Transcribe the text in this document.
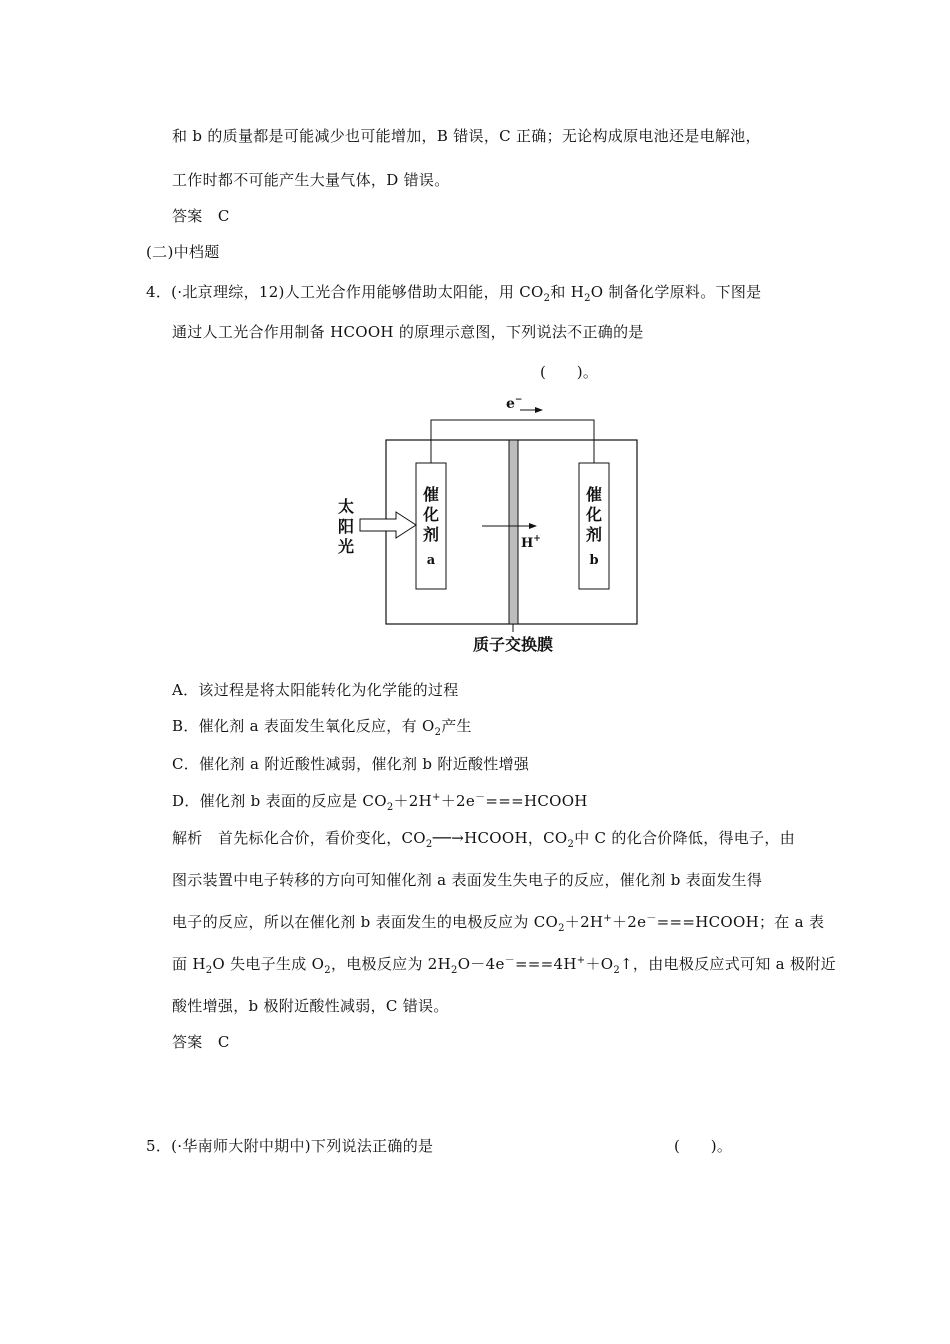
和 b 的质量都是可能减少也可能增加，B 错误，C 正确；无论构成原电池还是电解池，
工作时都不可能产生大量气体，D 错误。
答案　C
(二)中档题
4．(·北京理综，12)人工光合作用能够借助太阳能，用 $CO_2$和 $H_2O$ 制备化学原料。下图是
通过人工光合作用制备 HCOOH 的原理示意图，下列说法不正确的是
(　　)。
e−
催
化
剂
a
催
化
剂
b
太
阳
光	H+
质子交换膜
A．该过程是将太阳能转化为化学能的过程
B．催化剂 a 表面发生氧化反应，有 $O_2$产生
C．催化剂 a 附近酸性减弱，催化剂 b 附近酸性增强
D．催化剂 b 表面的反应是 $CO_2+2H^++2e^-===HCOOH$
解析　首先标化合价，看价变化，$CO_2──\to HCOOH$，$CO_2$中 C 的化合价降低，得电子，由
图示装置中电子转移的方向可知催化剂 a 表面发生失电子的反应，催化剂 b 表面发生得
电子的反应，所以在催化剂 b 表面发生的电极反应为 $CO_2+2H^++2e^-===HCOOH$；在 a 表
面 $H_2O$ 失电子生成 $O_2$，电极反应为 $2H_2O-4e^-===4H^++O_2↑$，由电极反应式可知 a 极附近
酸性增强，b 极附近酸性减弱，C 错误。
答案　C
5．(·华南师大附中期中)下列说法正确的是	(　　)。
